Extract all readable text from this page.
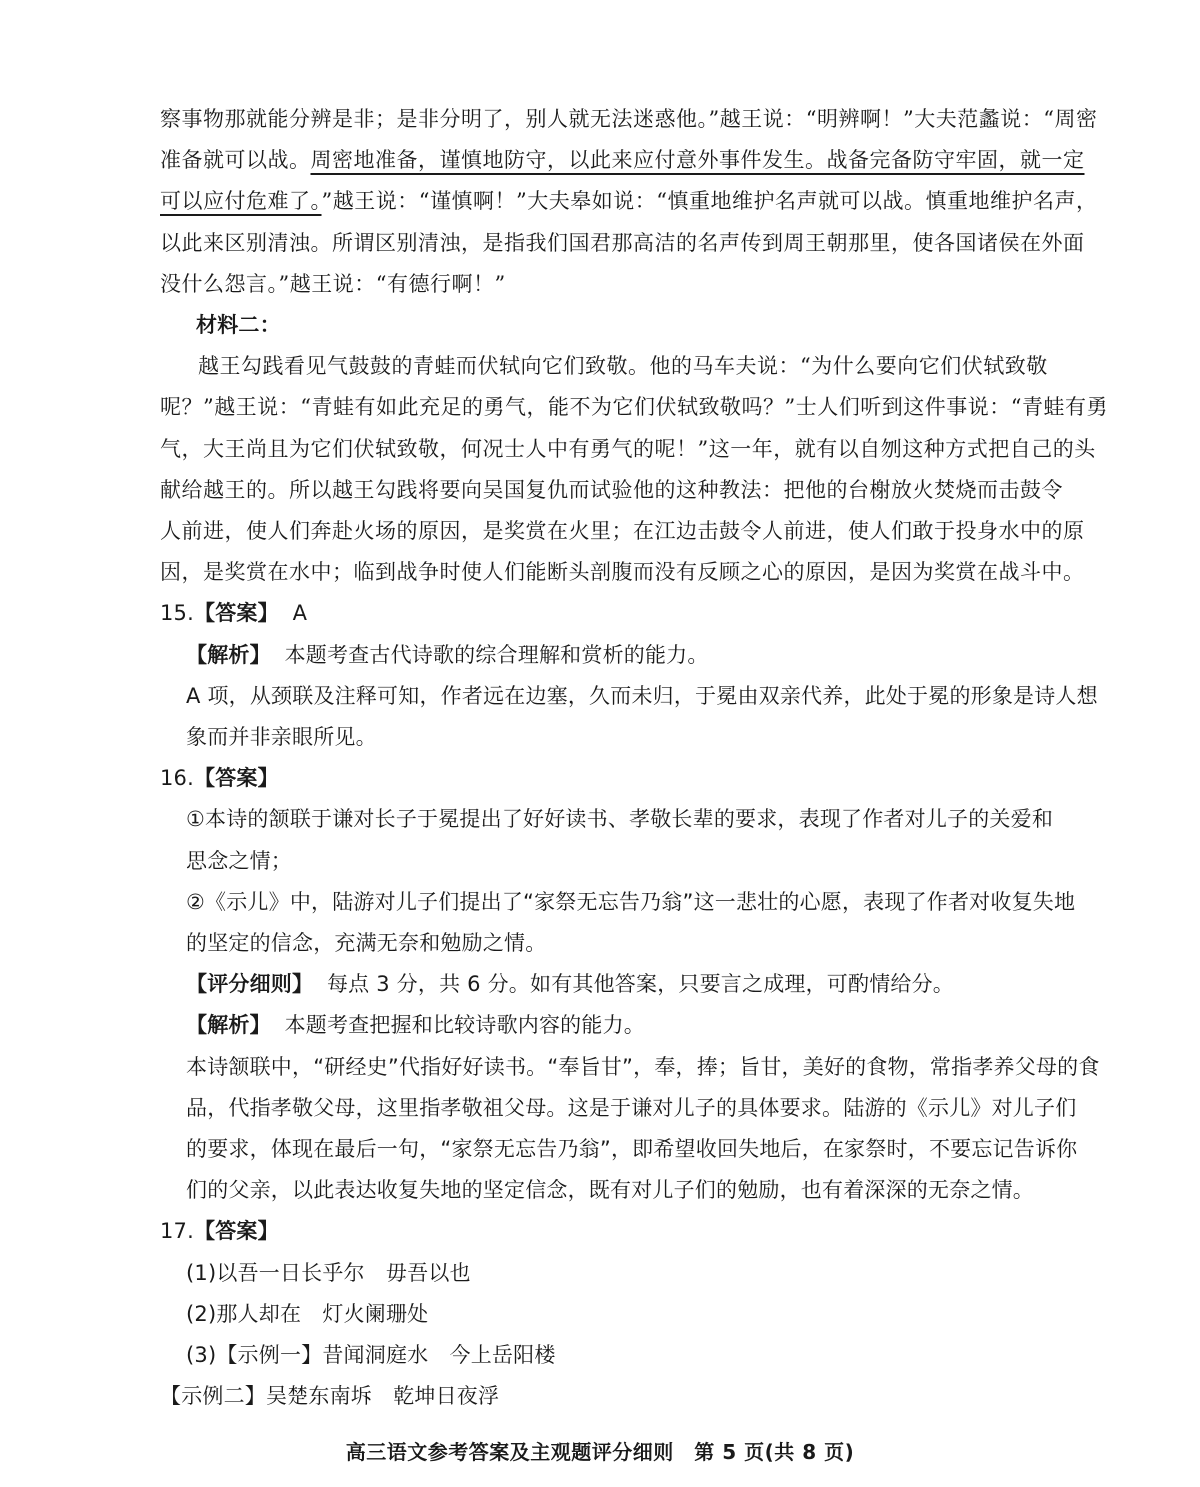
察事物那就能分辨是非；是非分明了，别人就无法迷惑他。”越王说：“明辨啊！”大夫范蠡说：“周密
准备就可以战。周密地准备，谨慎地防守，以此来应付意外事件发生。战备完备防守牢固，就一定
可以应付危难了。”越王说：“谨慎啊！”大夫皋如说：“慎重地维护名声就可以战。慎重地维护名声，
以此来区别清浊。所谓区别清浊，是指我们国君那高洁的名声传到周王朝那里，使各国诸侯在外面
没什么怨言。”越王说：“有德行啊！”
材料二：
越王勾践看见气鼓鼓的青蛙而伏轼向它们致敬。他的马车夫说：“为什么要向它们伏轼致敬
呢？”越王说：“青蛙有如此充足的勇气，能不为它们伏轼致敬吗？”士人们听到这件事说：“青蛙有勇
气，大王尚且为它们伏轼致敬，何况士人中有勇气的呢！”这一年，就有以自刎这种方式把自己的头
献给越王的。所以越王勾践将要向吴国复仇而试验他的这种教法：把他的台榭放火焚烧而击鼓令
人前进，使人们奔赴火场的原因，是奖赏在火里；在江边击鼓令人前进，使人们敢于投身水中的原
因，是奖赏在水中；临到战争时使人们能断头剖腹而没有反顾之心的原因，是因为奖赏在战斗中。
15.【答案】 A
【解析】 本题考查古代诗歌的综合理解和赏析的能力。
A 项，从颈联及注释可知，作者远在边塞，久而未归，于冕由双亲代养，此处于冕的形象是诗人想
象而并非亲眼所见。
16.【答案】
①本诗的颔联于谦对长子于冕提出了好好读书、孝敬长辈的要求，表现了作者对儿子的关爱和
思念之情；
②《示儿》中，陆游对儿子们提出了“家祭无忘告乃翁”这一悲壮的心愿，表现了作者对收复失地
的坚定的信念，充满无奈和勉励之情。
【评分细则】 每点 3 分，共 6 分。如有其他答案，只要言之成理，可酌情给分。
【解析】 本题考查把握和比较诗歌内容的能力。
本诗颔联中，“研经史”代指好好读书。“奉旨甘”，奉，捧；旨甘，美好的食物，常指孝养父母的食
品，代指孝敬父母，这里指孝敬祖父母。这是于谦对儿子的具体要求。陆游的《示儿》对儿子们
的要求，体现在最后一句，“家祭无忘告乃翁”，即希望收回失地后，在家祭时，不要忘记告诉你
们的父亲，以此表达收复失地的坚定信念，既有对儿子们的勉励，也有着深深的无奈之情。
17.【答案】
(1)以吾一日长乎尔　毋吾以也
(2)那人却在　灯火阑珊处
(3)【示例一】昔闻洞庭水　今上岳阳楼
【示例二】吴楚东南坼　乾坤日夜浮
高三语文参考答案及主观题评分细则　第 5 页(共 8 页)
